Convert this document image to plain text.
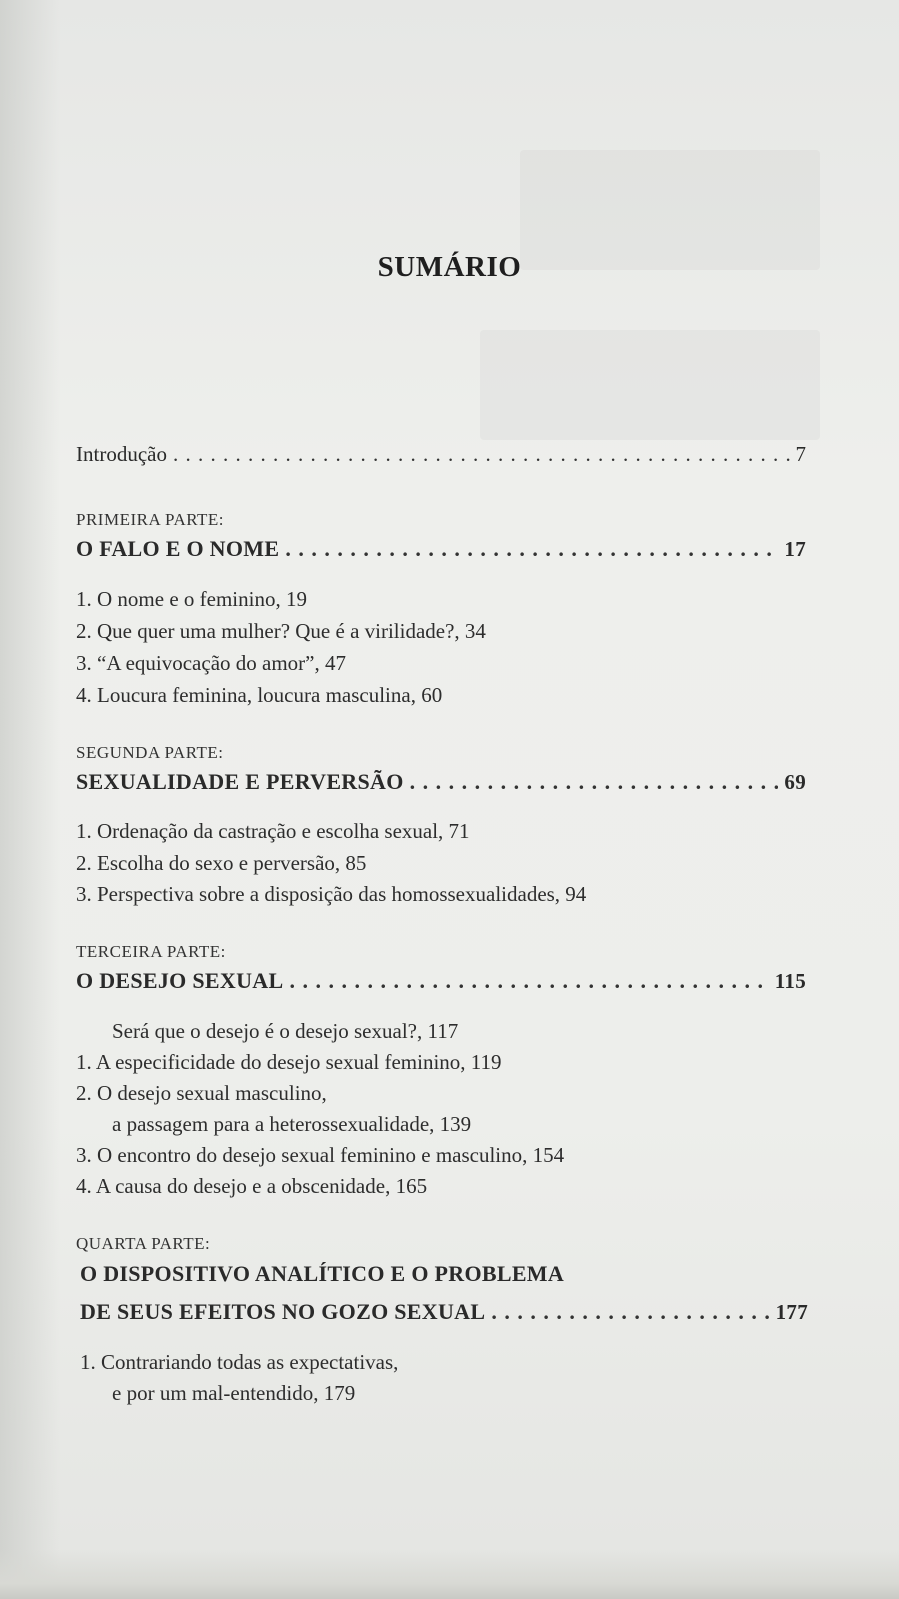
SUMÁRIO
Introdução . . .	7
PRIMEIRA PARTE:
O FALO E O NOME . . .	17
1. O nome e o feminino, 19
2. Que quer uma mulher? Que é a virilidade?, 34
3. “A equivocação do amor”, 47
4. Loucura feminina, loucura masculina, 60
SEGUNDA PARTE:
SEXUALIDADE E PERVERSÃO . . .	69
1. Ordenação da castração e escolha sexual, 71
2. Escolha do sexo e perversão, 85
3. Perspectiva sobre a disposição das homossexualidades, 94
TERCEIRA PARTE:
O DESEJO SEXUAL . . .	115
Será que o desejo é o desejo sexual?, 117
1. A especificidade do desejo sexual feminino, 119
2. O desejo sexual masculino,
a passagem para a heterossexualidade, 139
3. O encontro do desejo sexual feminino e masculino, 154
4. A causa do desejo e a obscenidade, 165
QUARTA PARTE:
O DISPOSITIVO ANALÍTICO E O PROBLEMA
DE SEUS EFEITOS NO GOZO SEXUAL . . .	177
1. Contrariando todas as expectativas,
e por um mal-entendido, 179
